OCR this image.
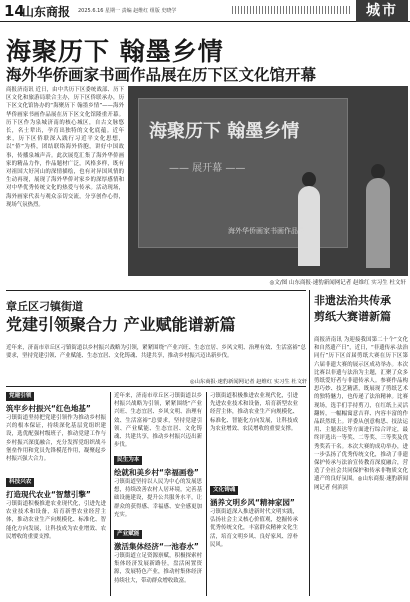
14
山东商报 2025.6.16 星期一 责编 赵维红 组版 史晓学	城市
海聚历下 翰墨乡情
海外华侨画家书画作品展在历下区文化馆开幕
商报济南讯 近日，由中共历下区委统战部、历下区文化和旅游局联合主办，历下区侨联承办，历下区文化馆协办的“海聚历下 翰墨乡情”——海外华侨画家书画作品展在历下区文化馆隆重开幕。历下区作为泉城济南的核心城区，自古文脉悠长，名士辈出，孕育出独特的文化底蕴。近年来，历下区侨联深入践行习近平文化思想，以“侨”为桥，团结联络海外侨胞，讲好中国故事，传播泉城声音。此次展览汇集了海外华侨画家的精品力作，作品题材广泛，风格多样，既有对祖国大好河山的深情描绘，也有对异国风情的生动再现，展现了海外华侨对家乡的深厚感情和对中华优秀传统文化的热爱与传承。活动现场，海外画家代表与观众亲切交流，分享创作心得，现场气氛热烈。
海聚历下 翰墨乡情 —— 展开幕 ——
海外华侨画家书画作品展
◎文/图 山东商报·速豹新闻网记者 赵维红 实习生 杜文轩
章丘区刁镇街道
党建引领聚合力 产业赋能谱新篇
近年来，济南市章丘区刁镇街道以乡村振兴战略为引领，紧紧围绕“产业兴旺、生态宜居、乡风文明、治理有效、生活富裕”总要求，坚持党建引领、产业赋能、生态宜居、文化铸魂、共建共享，推动乡村振兴迈出新步伐。
◎山东商报·速豹新闻网记者 赵维红 实习生 杜文轩
党建引领
筑牢乡村振兴“红色地基”
刁镇街道坚持把党建引领作为推动乡村振兴的根本保证，持续深化基层党组织建设，选优配强村级班子，推动党建工作与乡村振兴深度融合，充分发挥党组织战斗堡垒作用和党员先锋模范作用，凝聚起乡村振兴强大合力。
科技兴农
打造现代农业“智慧引擎”
刁镇街道积极推进农业现代化，引进先进农业技术和设备，培育新型农业经营主体，推动农业生产向规模化、标准化、智能化方向发展，让科技成为农业增效、农民增收的重要支撑。
近年来，济南市章丘区刁镇街道以乡村振兴战略为引领，紧紧围绕“产业兴旺、生态宜居、乡风文明、治理有效、生活富裕”总要求，坚持党建引领、产业赋能、生态宜居、文化铸魂、共建共享，推动乡村振兴迈出新步伐。
民生为本
绘就和美乡村“幸福画卷”
刁镇街道坚持以人民为中心的发展思想，持续改善农村人居环境，完善基础设施建设，提升公共服务水平，让群众的获得感、幸福感、安全感更加充实。
产业赋能
激活集体经济“一池春水”
刁镇街道立足资源禀赋，积极探索村集体经济发展新路径，盘活闲置资源，发展特色产业，推动村集体经济持续壮大，带动群众增收致富。
刁镇街道积极推进农业现代化，引进先进农业技术和设备，培育新型农业经营主体，推动农业生产向规模化、标准化、智能化方向发展，让科技成为农业增效、农民增收的重要支撑。
文化铸魂
涵养文明乡风“精神家园”
刁镇街道深入推进新时代文明实践，弘扬社会主义核心价值观，挖掘传承优秀传统文化，丰富群众精神文化生活，培育文明乡风、良好家风、淳朴民风。
非遗法治共传承
剪纸大赛谱新篇
商报济南讯 为迎接我国第二十个“文化和自然遗产日”，近日，“非遗传承·法治同行”历下区首届剪纸大赛在历下区第六届非遗大赛的展示区成功举办。本次比赛以非遗与法治为主题，汇聚了众多剪纸爱好者与非遗传承人。参赛作品构思巧妙、技艺精湛，既展现了剪纸艺术的独特魅力，也传递了法治精神。比赛现场，选手们手持剪刀，在红纸上灵活翻转，一幅幅寓意吉祥、内容丰富的作品跃然纸上。评委从创意构思、技法运用、主题表达等方面进行综合评定，最终评选出一等奖、二等奖、三等奖及优秀奖若干名。本次大赛的成功举办，进一步弘扬了优秀传统文化，推动了非遗保护传承与法治宣传教育深度融合，营造了全社会共同保护和传承非物质文化遗产的良好氛围。◎山东商报·速豹新闻网记者 何滨滨
